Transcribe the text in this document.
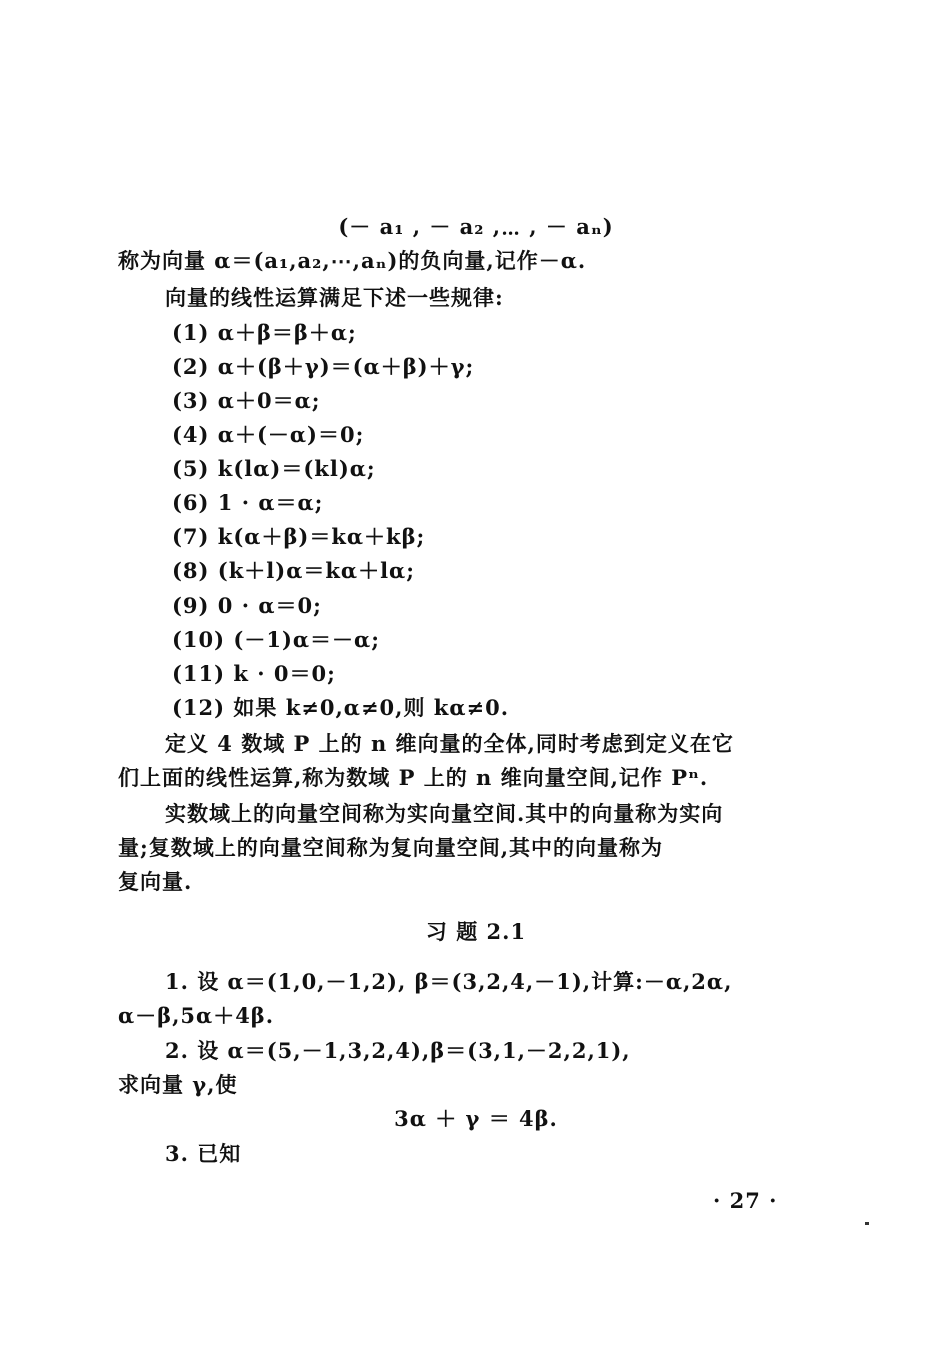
(－ a₁ , － a₂ ,⋯ , － aₙ)
称为向量 α＝(a₁,a₂,⋯,aₙ)的负向量,记作－α.
向量的线性运算满足下述一些规律:
(1) α＋β＝β＋α;
(2) α＋(β＋γ)＝(α＋β)＋γ;
(3) α＋0＝α;
(4) α＋(－α)＝0;
(5) k(lα)＝(kl)α;
(6) 1 · α＝α;
(7) k(α＋β)＝kα＋kβ;
(8) (k＋l)α＝kα＋lα;
(9) 0 · α＝0;
(10) (－1)α＝－α;
(11) k · 0＝0;
(12) 如果 k≠0,α≠0,则 kα≠0.
定义 4 数域 P 上的 n 维向量的全体,同时考虑到定义在它
们上面的线性运算,称为数域 P 上的 n 维向量空间,记作 Pⁿ.
实数域上的向量空间称为实向量空间.其中的向量称为实向
量;复数域上的向量空间称为复向量空间,其中的向量称为
复向量.
习 题 2.1
1. 设 α＝(1,0,－1,2), β＝(3,2,4,－1),计算:－α,2α,
α－β,5α＋4β.
2. 设 α＝(5,－1,3,2,4),β＝(3,1,－2,2,1),
求向量 γ,使
3α ＋ γ ＝ 4β.
3. 已知
· 27 ·
